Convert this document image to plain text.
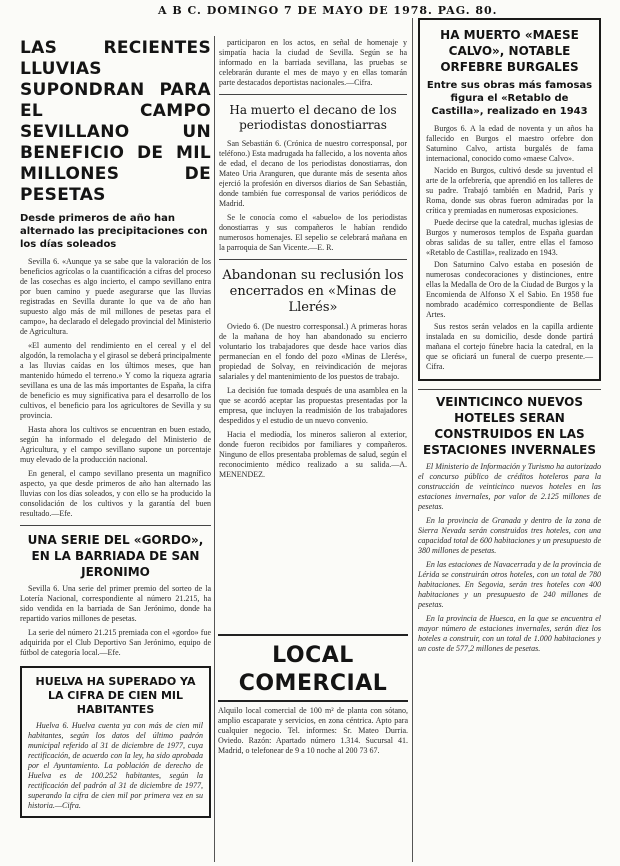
A B C. DOMINGO 7 DE MAYO DE 1978. PAG. 80.
LAS RECIENTES LLUVIAS SUPONDRAN PARA EL CAMPO SEVILLANO UN BENEFICIO DE MIL MILLONES DE PESETAS
Desde primeros de año han alternado las precipitaciones con los días soleados

Sevilla 6. «Aunque ya se sabe que la valoración de los beneficios agrícolas o la cuantificación a cifras del proceso de las cosechas es algo incierto, el campo sevillano entra por buen camino y puede asegurarse que las lluvias registradas en Sevilla durante lo que va de año han supuesto algo más de mil millones de pesetas para el campo», ha declarado el delegado provincial del Ministerio de Agricultura.

«El aumento del rendimiento en el cereal y el del algodón, la remolacha y el girasol se deberá principalmente a las lluvias caídas en los últimos meses, que han mantenido húmedo el terreno.» Y como la riqueza agraria sevillana es una de las más importantes de España, la cifra de beneficio es muy significativa para el desarrollo de los cultivos, el beneficio para los agricultores de Sevilla y su provincia.

Hasta ahora los cultivos se encuentran en buen estado, según ha informado el delegado del Ministerio de Agricultura, y el campo sevillano supone un porcentaje muy elevado de la producción nacional.

En general, el campo sevillano presenta un magnífico aspecto, ya que desde primeros de año han alternado las lluvias con los días soleados, y con ello se ha producido la consolidación de los cultivos y la garantía del buen resultado.—Efe.

UNA SERIE DEL «GORDO», EN LA BARRIADA DE SAN JERONIMO

Sevilla 6. Una serie del primer premio del sorteo de la Lotería Nacional, correspondiente al número 21.215, ha sido vendida en la barriada de San Jerónimo, donde ha repartido varios millones de pesetas.

La serie del número 21.215 premiada con el «gordo» fue adquirida por el Club Deportivo San Jerónimo, equipo de fútbol de categoría local.—Efe.

HUELVA HA SUPERADO YA LA CIFRA DE CIEN MIL HABITANTES

Huelva 6. Huelva cuenta ya con más de cien mil habitantes, según los datos del último padrón municipal referido al 31 de diciembre de 1977, cuya rectificación, de acuerdo con la ley, ha sido aprobada por el Ayuntamiento. La población de derecho de Huelva es de 100.252 habitantes, según la rectificación del padrón al 31 de diciembre de 1977, superando la cifra de cien mil por primera vez en su historia.—Cifra.

participaron en los actos, en señal de homenaje y simpatía hacia la ciudad de Sevilla. Según se ha informado en la barriada sevillana, las pruebas se celebrarán durante el mes de mayo y en ellas tomarán parte destacados deportistas nacionales.—Cifra.

Ha muerto el decano de los periodistas donostiarras

San Sebastián 6. (Crónica de nuestro corresponsal, por teléfono.) Esta madrugada ha fallecido, a los noventa años de edad, el decano de los periodistas donostiarras, don Mateo Uria Aranguren, que durante más de sesenta años ejerció la profesión en diversos diarios de San Sebastián, donde también fue corresponsal de varios periódicos de Madrid.

Se le conocía como el «abuelo» de los periodistas donostiarras y sus compañeros le habían rendido numerosos homenajes. El sepelio se celebrará mañana en la parroquia de San Vicente.—E. R.

Abandonan su reclusión los encerrados en «Minas de Llerés»

Oviedo 6. (De nuestro corresponsal.) A primeras horas de la mañana de hoy han abandonado su encierro voluntario los trabajadores que desde hace varios días permanecían en el fondo del pozo «Minas de Llerés», propiedad de Solvay, en reivindicación de mejoras salariales y del mantenimiento de los puestos de trabajo.

La decisión fue tomada después de una asamblea en la que se acordó aceptar las propuestas presentadas por la empresa, que incluyen la readmisión de los trabajadores despedidos y el estudio de un nuevo convenio.

Hacia el mediodía, los mineros salieron al exterior, donde fueron recibidos por familiares y compañeros. Ninguno de ellos presentaba problemas de salud, según el reconocimiento médico realizado a su salida.—A. MENENDEZ.

LOCAL COMERCIAL

Alquilo local comercial de 100 m² de planta con sótano, amplio escaparate y servicios, en zona céntrica. Apto para cualquier negocio. Tel. informes: Sr. Mateo Durria. Oviedo. Razón: Apartado número 1.314. Sucursal 41. Madrid, o telefonear de 9 a 10 noche al 200 73 67.

HA MUERTO «MAESE CALVO», NOTABLE ORFEBRE BURGALES
Entre sus obras más famosas figura el «Retablo de Castilla», realizado en 1943

Burgos 6. A la edad de noventa y un años ha fallecido en Burgos el maestro orfebre don Saturnino Calvo, artista burgalés de fama internacional, conocido como «maese Calvo».

Nacido en Burgos, cultivó desde su juventud el arte de la orfebrería, que aprendió en los talleres de su padre. Trabajó también en Madrid, París y Roma, donde sus obras fueron admiradas por la crítica y premiadas en numerosas exposiciones.

Puede decirse que la catedral, muchas iglesias de Burgos y numerosos templos de España guardan obras salidas de su taller, entre ellas el famoso «Retablo de Castilla», realizado en 1943.

Don Saturnino Calvo estaba en posesión de numerosas condecoraciones y distinciones, entre ellas la Medalla de Oro de la Ciudad de Burgos y la Encomienda de Alfonso X el Sabio. En 1958 fue nombrado académico correspondiente de Bellas Artes.

Sus restos serán velados en la capilla ardiente instalada en su domicilio, desde donde partirá mañana el cortejo fúnebre hacia la catedral, en la que se oficiará un funeral de cuerpo presente.—Cifra.

VEINTICINCO NUEVOS HOTELES SERAN CONSTRUIDOS EN LAS ESTACIONES INVERNALES

El Ministerio de Información y Turismo ha autorizado el concurso público de créditos hoteleros para la construcción de veinticinco nuevos hoteles en las estaciones invernales, por valor de 2.125 millones de pesetas.

En la provincia de Granada y dentro de la zona de Sierra Nevada serán construidos tres hoteles, con una capacidad total de 600 habitaciones y un presupuesto de 380 millones de pesetas.

En las estaciones de Navacerrada y de la provincia de Lérida se construirán otros hoteles, con un total de 780 habitaciones. En Segovia, serán tres hoteles con 400 habitaciones y un presupuesto de 240 millones de pesetas.

En la provincia de Huesca, en la que se encuentra el mayor número de estaciones invernales, serán diez los hoteles a construir, con un total de 1.000 habitaciones y un coste de 577,2 millones de pesetas.
